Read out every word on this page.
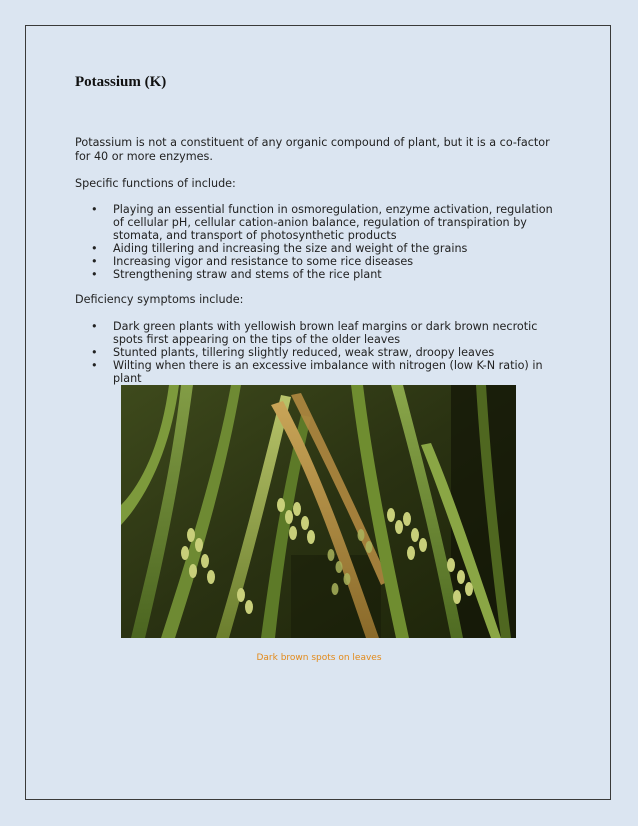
Potassium (K)

Potassium is not a constituent of any organic compound of plant, but it is a co-factor for 40 or more enzymes.

Specific functions of include:

• Playing an essential function in osmoregulation, enzyme activation, regulation of cellular pH, cellular cation-anion balance, regulation of transpiration by stomata, and transport of photosynthetic products
• Aiding tillering and increasing the size and weight of the grains
• Increasing vigor and resistance to some rice diseases
• Strengthening straw and stems of the rice plant

Deficiency symptoms include:

• Dark green plants with yellowish brown leaf margins or dark brown necrotic spots first appearing on the tips of the older leaves
• Stunted plants, tillering slightly reduced, weak straw, droopy leaves
• Wilting when there is an excessive imbalance with nitrogen (low K-N ratio) in plant

Dark brown spots on leaves
